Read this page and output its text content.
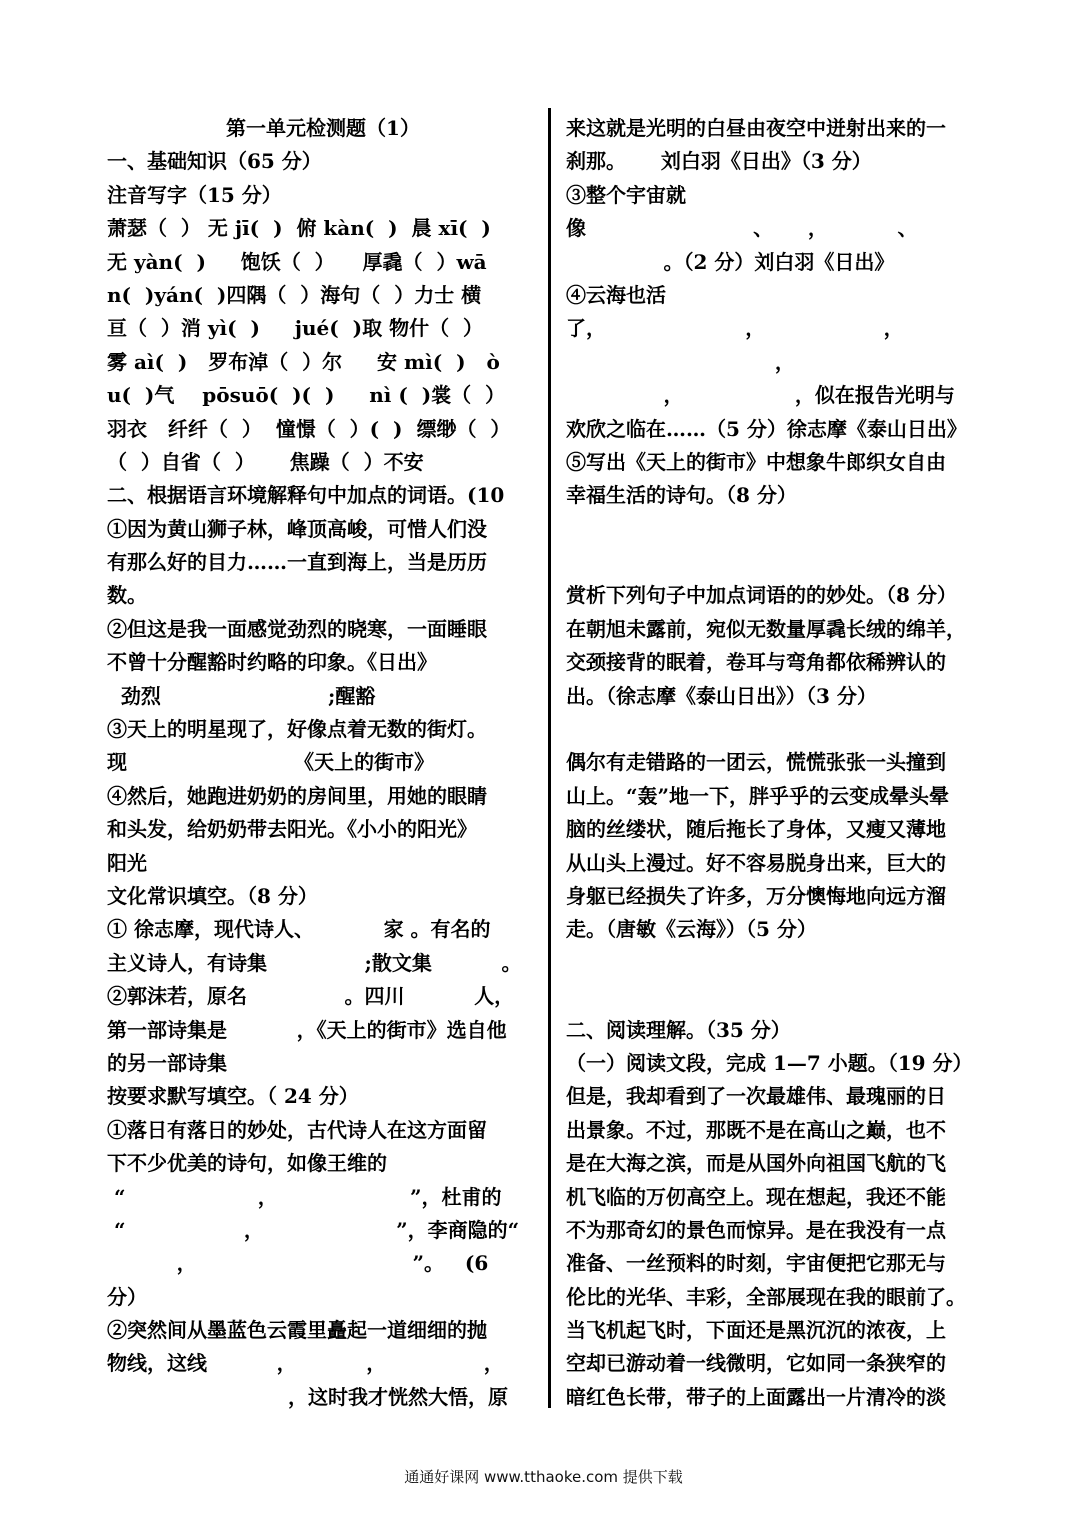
第一单元检测题（1）
一、基础知识（65 分）
注音写字（15 分）
萧瑟（  ） 无 jī(  )  俯 kàn(  )  晨 xī(  )
无 yàn(  )     饱饫（  ）    厚毳（  ）wā
n(  )yán(  )四隅（  ）海句（  ）力士 横
亘（  ）消 yì(  )     jué(  )取 物什（  ）
雾 aì(  )   罗布淖（  ）尔     安 mì(  )   ò
u(  )气    pōsuō(  )(  )     nì (  )裳（  ）
羽衣   纤纤（  ）  憧憬（  ）(  )  缥缈（  ）
（  ）自省（  ）     焦躁（  ）不安
二、根据语言环境解释句中加点的词语。(10
①因为黄山狮子林，峰顶高峻，可惜人们没
有那么好的目力……一直到海上，当是历历
数。
②但这是我一面感觉劲烈的晓寒，一面睡眼
不曾十分醒豁时约略的印象。《日出》
劲烈                        ;醒豁
③天上的明星现了，好像点着无数的街灯。
现                        《天上的街市》
④然后，她跑进奶奶的房间里，用她的眼睛
和头发，给奶奶带去阳光。《小小的阳光》
阳光
文化常识填空。（8 分）
① 徐志摩，现代诗人、          家 。有名的
主义诗人，有诗集              ;散文集          。
②郭沫若，原名              。四川          人，
第一部诗集是          ，《天上的街市》选自他
的另一部诗集
按要求默写填空。（ 24 分）
①落日有落日的妙处，古代诗人在这方面留
下不少优美的诗句，如像王维的
“                   ，                   ”，杜甫的
“                 ，                   ”，李商隐的“
，                               ”。   (6
分）
②突然间从墨蓝色云霞里矗起一道细细的抛
物线，这线          ，          ，              ，
，这时我才恍然大悟，原
来这就是光明的白昼由夜空中迸射出来的一
刹那。     刘白羽《日出》（3 分）
③整个宇宙就
像                        、     ，          、
。（2 分）刘白羽《日出》
④云海也活
了，                    ，                 ，
，
，                ，似在报告光明与
欢欣之临在……（5 分）徐志摩《泰山日出》
⑤写出《天上的街市》中想象牛郎织女自由
幸福生活的诗句。（8 分）
赏析下列句子中加点词语的的妙处。（8 分）
在朝旭未露前，宛似无数量厚毳长绒的绵羊，
交颈接背的眠着，卷耳与弯角都依稀辨认的
出。（徐志摩《泰山日出》）（3 分）
偶尔有走错路的一团云，慌慌张张一头撞到
山上。“轰”地一下，胖乎乎的云变成晕头晕
脑的丝缕状，随后拖长了身体，又瘦又薄地
从山头上漫过。好不容易脱身出来，巨大的
身躯已经损失了许多，万分懊悔地向远方溜
走。（唐敏《云海》）（5 分）
二、阅读理解。（35 分）
（一）阅读文段，完成 1—7 小题。（19 分）
但是，我却看到了一次最雄伟、最瑰丽的日
出景象。不过，那既不是在高山之巅，也不
是在大海之滨，而是从国外向祖国飞航的飞
机飞临的万仞高空上。现在想起，我还不能
不为那奇幻的景色而惊异。是在我没有一点
准备、一丝预料的时刻，宇宙便把它那无与
伦比的光华、丰彩，全部展现在我的眼前了。
当飞机起飞时，下面还是黑沉沉的浓夜，上
空却已游动着一线微明，它如同一条狭窄的
暗红色长带，带子的上面露出一片清冷的淡
通通好课网 www.tthaoke.com 提供下载
